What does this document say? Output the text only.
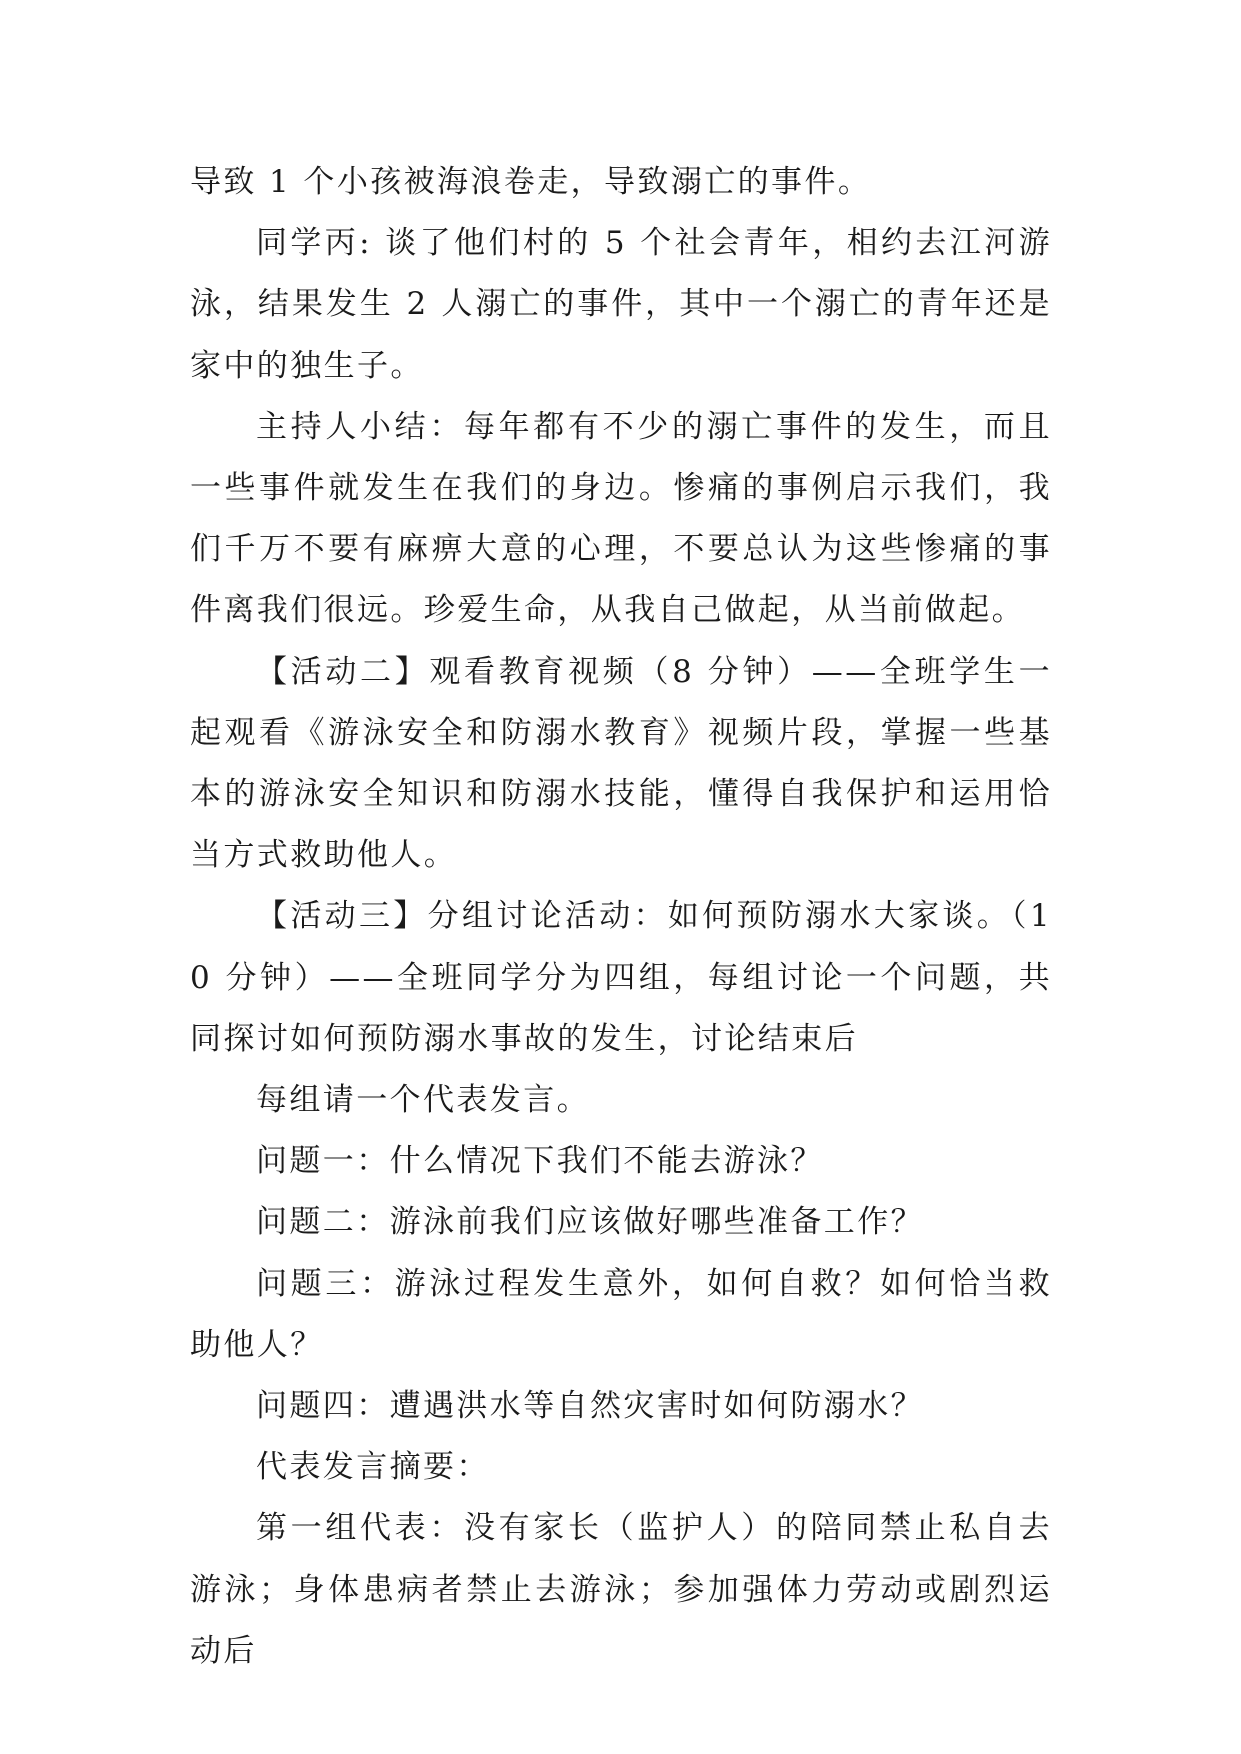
导致 1 个小孩被海浪卷走，导致溺亡的事件。

同学丙: 谈了他们村的 5 个社会青年，相约去江河游泳，结果发生 2 人溺亡的事件，其中一个溺亡的青年还是家中的独生子。

主持人小结：每年都有不少的溺亡事件的发生，而且一些事件就发生在我们的身边。惨痛的事例启示我们，我们千万不要有麻痹大意的心理，不要总认为这些惨痛的事件离我们很远。珍爱生命，从我自己做起，从当前做起。

【活动二】观看教育视频（8 分钟）——全班学生一起观看《游泳安全和防溺水教育》视频片段，掌握一些基本的游泳安全知识和防溺水技能，懂得自我保护和运用恰当方式救助他人。

【活动三】分组讨论活动：如何预防溺水大家谈。（10 分钟）——全班同学分为四组，每组讨论一个问题，共同探讨如何预防溺水事故的发生，讨论结束后

每组请一个代表发言。

问题一：什么情况下我们不能去游泳？

问题二：游泳前我们应该做好哪些准备工作？

问题三：游泳过程发生意外，如何自救？如何恰当救助他人？

问题四：遭遇洪水等自然灾害时如何防溺水？

代表发言摘要：

第一组代表：没有家长（监护人）的陪同禁止私自去游泳；身体患病者禁止去游泳；参加强体力劳动或剧烈运动后
